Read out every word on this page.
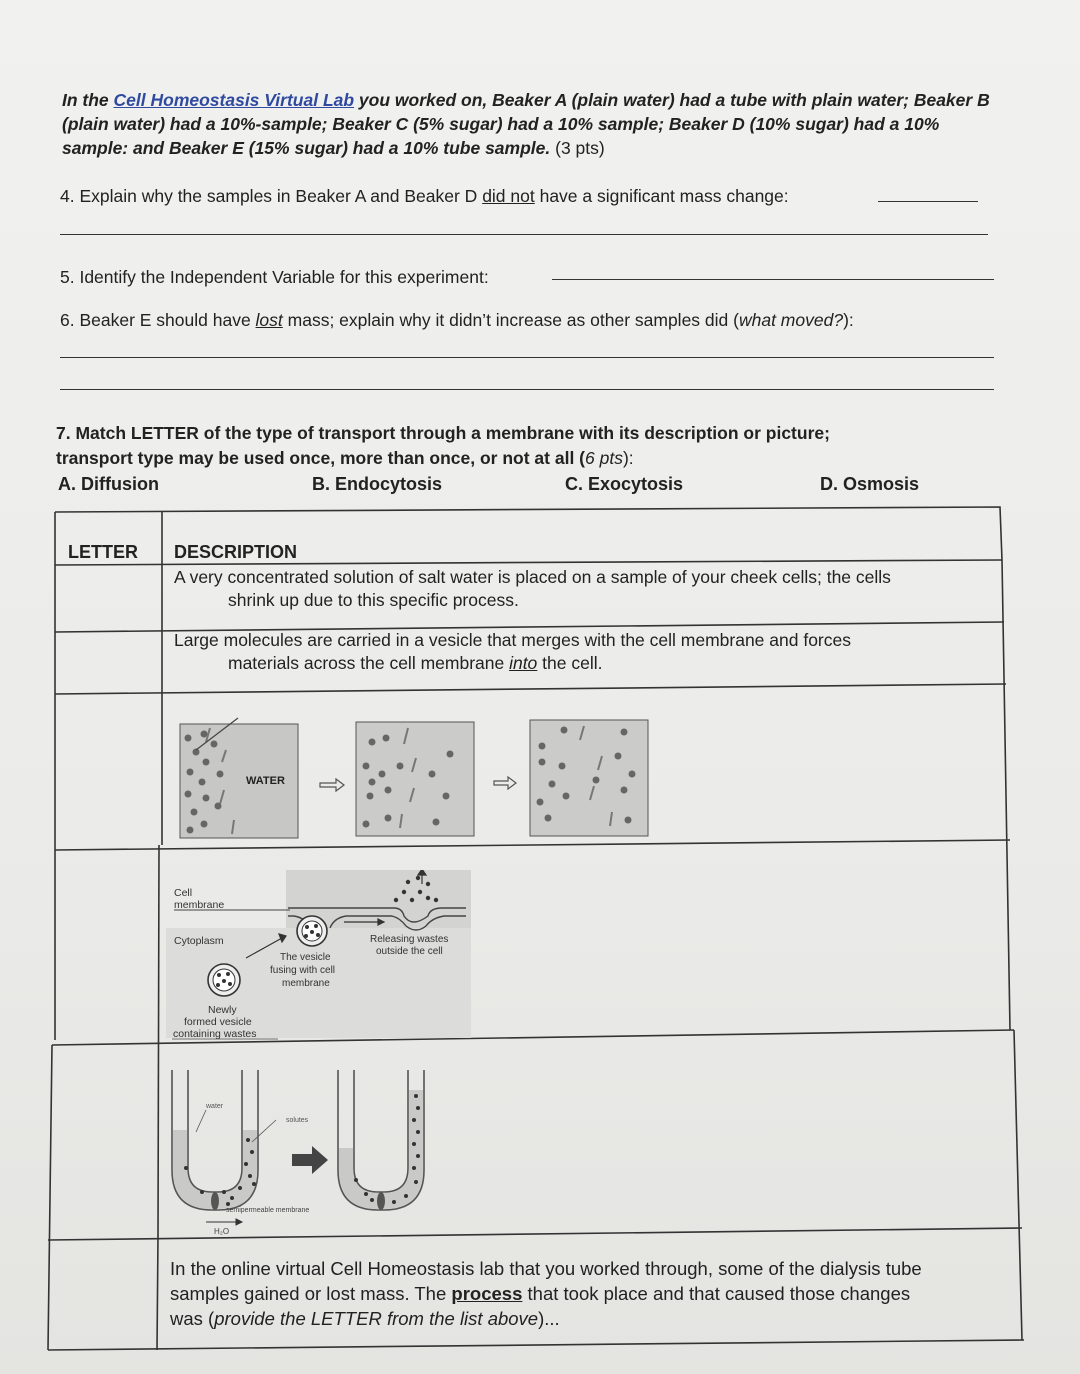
In the Cell Homeostasis Virtual Lab you worked on, Beaker A (plain water) had a tube with plain water; Beaker B (plain water) had a 10%-sample; Beaker C (5% sugar) had a 10% sample; Beaker D (10% sugar) had a 10% sample: and Beaker E (15% sugar) had a 10% tube sample. (3 pts)
4. Explain why the samples in Beaker A and Beaker D did not have a significant mass change:
5. Identify the Independent Variable for this experiment:
6. Beaker E should have lost mass; explain why it didn’t increase as other samples did (what moved?):
7. Match LETTER of the type of transport through a membrane with its description or picture;
transport type may be used once, more than once, or not at all (6 pts):
A. Diffusion	B. Endocytosis	C. Exocytosis	D. Osmosis
LETTER DESCRIPTION
A very concentrated solution of salt water is placed on a sample of your cheek cells; the cells
shrink up due to this specific process.
Large molecules are carried in a vesicle that merges with the cell membrane and forces
materials across the cell membrane into the cell.
WATER
Cell
membrane
Cytoplasm	Releasing wastes
outside the cell
The vesicle
fusing with cell
membrane
Newly
formed vesicle
containing wastes
water
solutes
semipermeable membrane
H₂O
In the online virtual Cell Homeostasis lab that you worked through, some of the dialysis tube
samples gained or lost mass. The process that took place and that caused those changes
was (provide the LETTER from the list above)...
